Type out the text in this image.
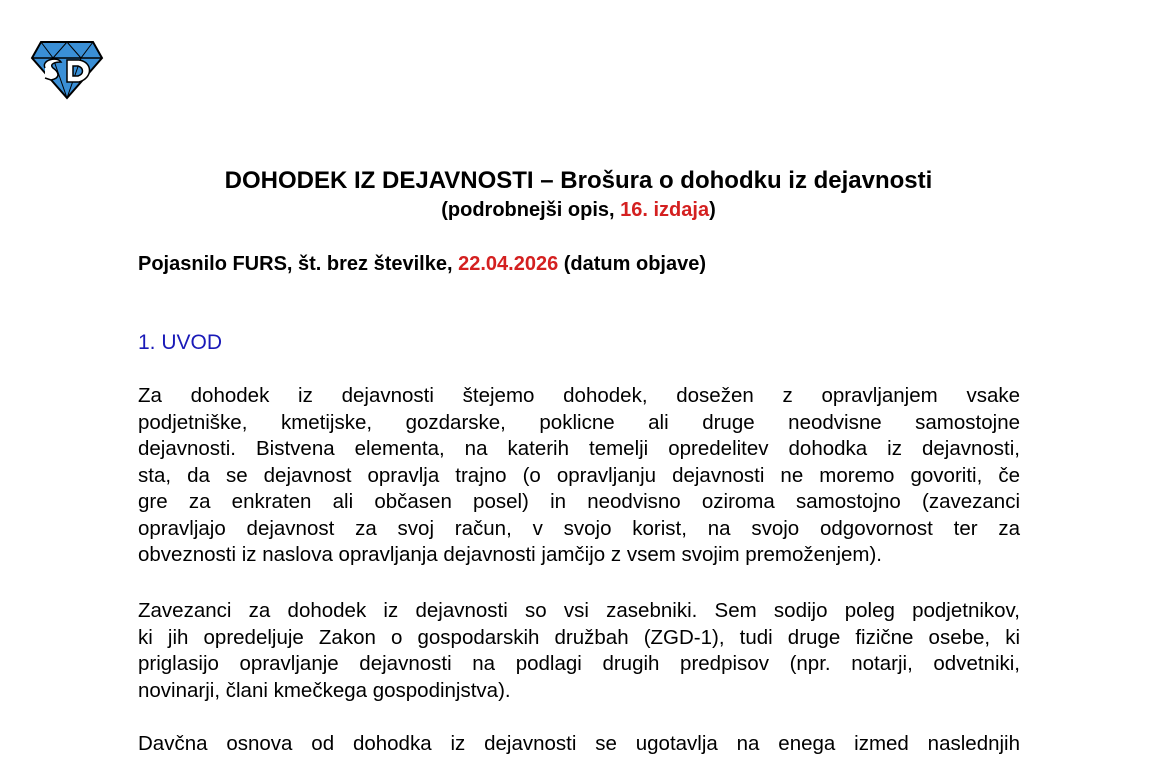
DOHODEK IZ DEJAVNOSTI – Brošura o dohodku iz dejavnosti
(podrobnejši opis, 16. izdaja)
Pojasnilo FURS, št. brez številke, 22.04.2026 (datum objave)
1. UVOD
Za dohodek iz dejavnosti štejemo dohodek, dosežen z opravljanjem vsake
podjetniške, kmetijske, gozdarske, poklicne ali druge neodvisne samostojne
dejavnosti. Bistvena elementa, na katerih temelji opredelitev dohodka iz dejavnosti,
sta, da se dejavnost opravlja trajno (o opravljanju dejavnosti ne moremo govoriti, če
gre za enkraten ali občasen posel) in neodvisno oziroma samostojno (zavezanci
opravljajo dejavnost za svoj račun, v svojo korist, na svojo odgovornost ter za
obveznosti iz naslova opravljanja dejavnosti jamčijo z vsem svojim premoženjem).
Zavezanci za dohodek iz dejavnosti so vsi zasebniki. Sem sodijo poleg podjetnikov,
ki jih opredeljuje Zakon o gospodarskih družbah (ZGD-1), tudi druge fizične osebe, ki
priglasijo opravljanje dejavnosti na podlagi drugih predpisov (npr. notarji, odvetniki,
novinarji, člani kmečkega gospodinjstva).
Davčna osnova od dohodka iz dejavnosti se ugotavlja na enega izmed naslednjih
